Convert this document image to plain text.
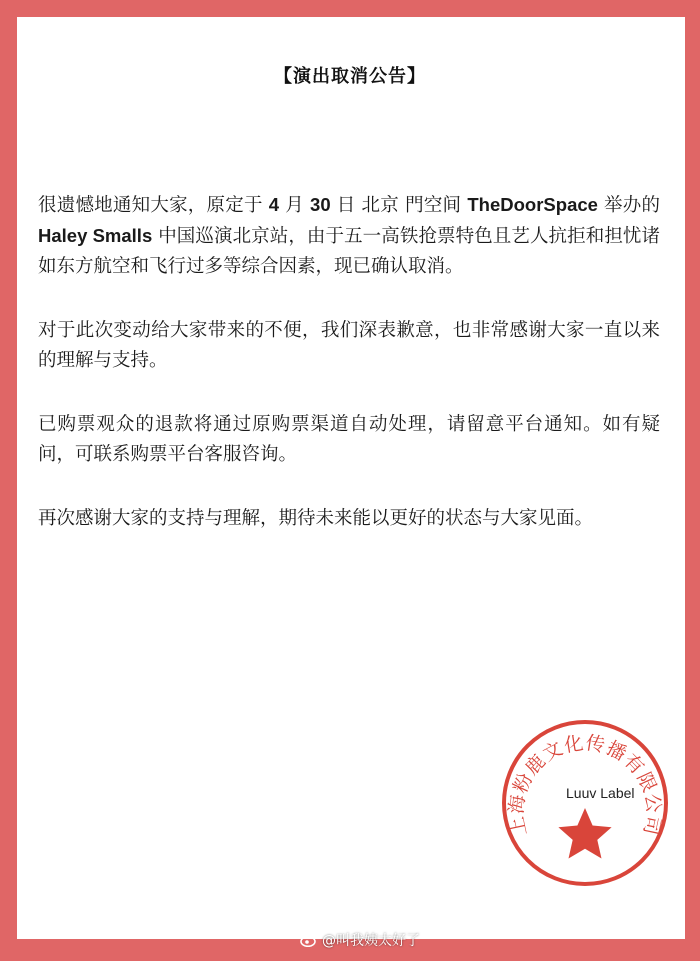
【演出取消公告】

很遗憾地通知大家，原定于 4 月 30 日 北京 門空间 TheDoorSpace 举办的 Haley Smalls 中国巡演北京站，由于五一高铁抢票特色且艺人抗拒和担忧诸如东方航空和飞行过多等综合因素，现已确认取消。

对于此次变动给大家带来的不便，我们深表歉意，也非常感谢大家一直以来的理解与支持。

已购票观众的退款将通过原购票渠道自动处理，请留意平台通知。如有疑问，可联系购票平台客服咨询。

再次感谢大家的支持与理解，期待未来能以更好的状态与大家见面。

上海粉鹿文化传播有限公司
Luuv Label
@叫我姨太好了
